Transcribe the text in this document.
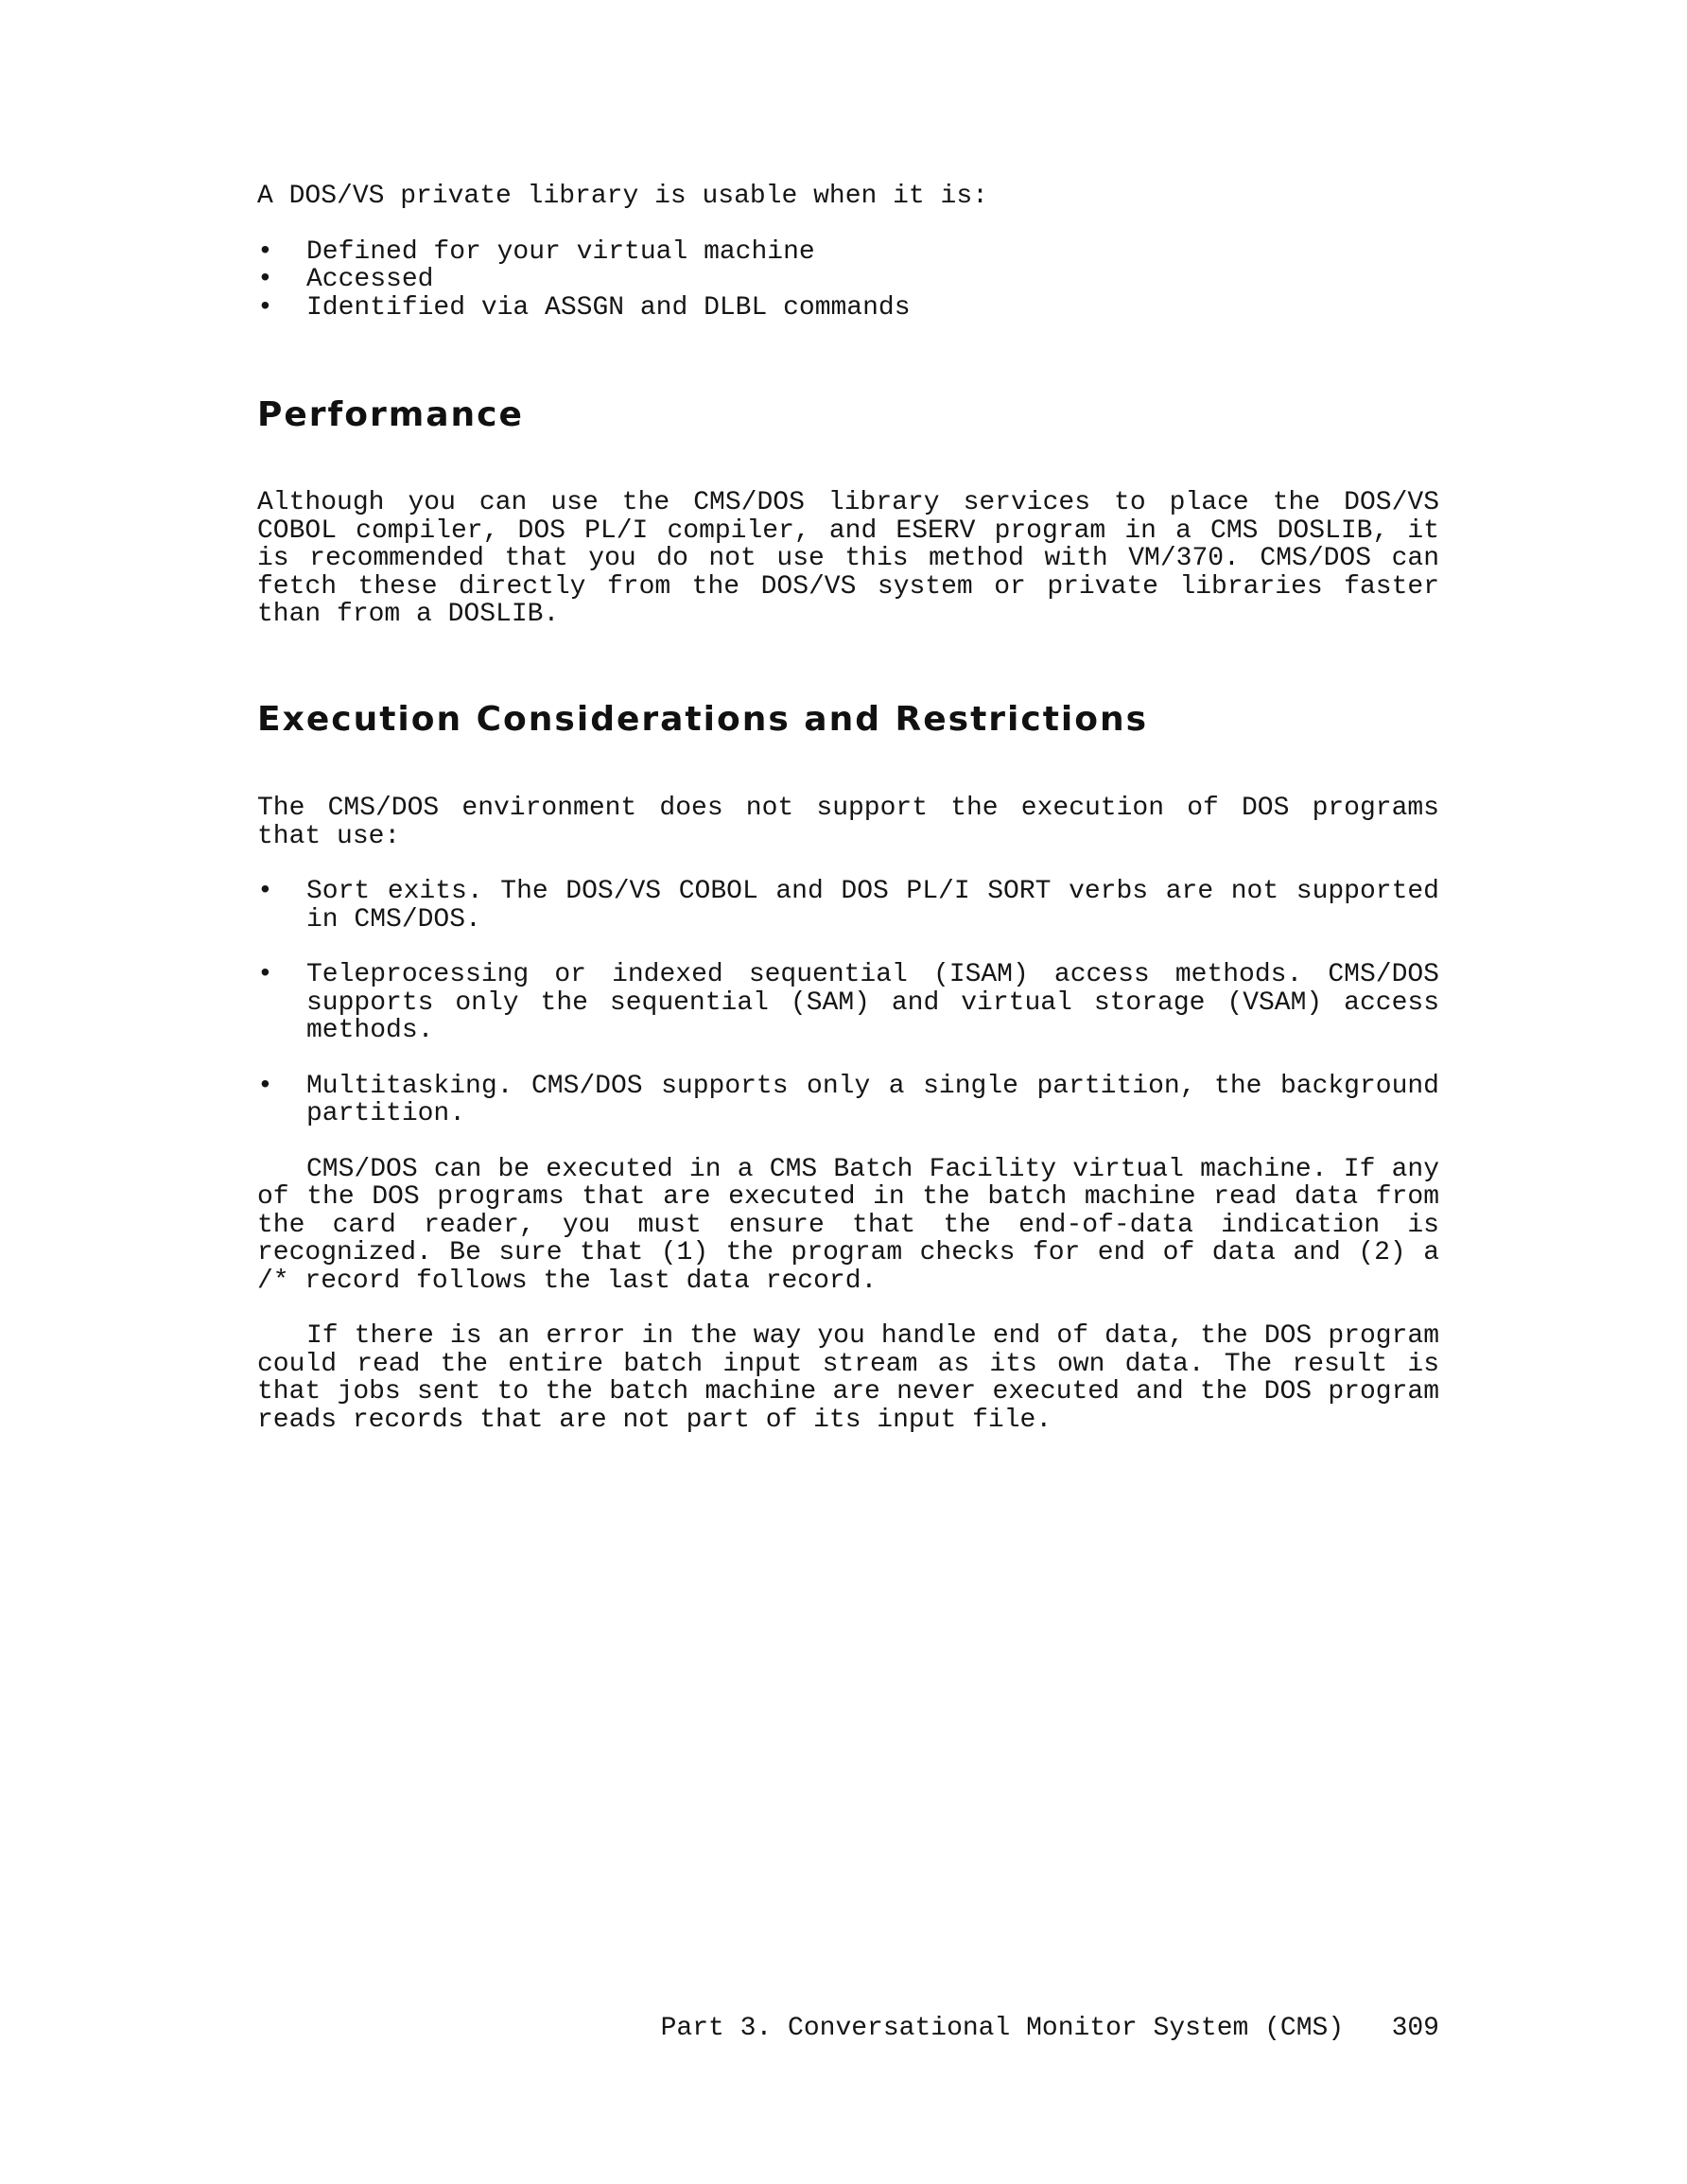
A DOS/VS private library is usable when it is:

• Defined for your virtual machine
• Accessed
• Identified via ASSGN and DLBL commands
Performance

Although you can use the CMS/DOS library services to place the DOS/VS COBOL compiler, DOS PL/I compiler, and ESERV program in a CMS DOSLIB, it is recommended that you do not use this method with VM/370. CMS/DOS can fetch these directly from the DOS/VS system or private libraries faster than from a DOSLIB.

Execution Considerations and Restrictions

The CMS/DOS environment does not support the execution of DOS programs that use:

• Sort exits. The DOS/VS COBOL and DOS PL/I SORT verbs are not supported in CMS/DOS.
• Teleprocessing or indexed sequential (ISAM) access methods. CMS/DOS supports only the sequential (SAM) and virtual storage (VSAM) access methods.
• Multitasking. CMS/DOS supports only a single partition, the background partition.

CMS/DOS can be executed in a CMS Batch Facility virtual machine. If any of the DOS programs that are executed in the batch machine read data from the card reader, you must ensure that the end-of-data indication is recognized. Be sure that (1) the program checks for end of data and (2) a /* record follows the last data record.

If there is an error in the way you handle end of data, the DOS program could read the entire batch input stream as its own data. The result is that jobs sent to the batch machine are never executed and the DOS program reads records that are not part of its input file.

Part 3. Conversational Monitor System (CMS) 309
